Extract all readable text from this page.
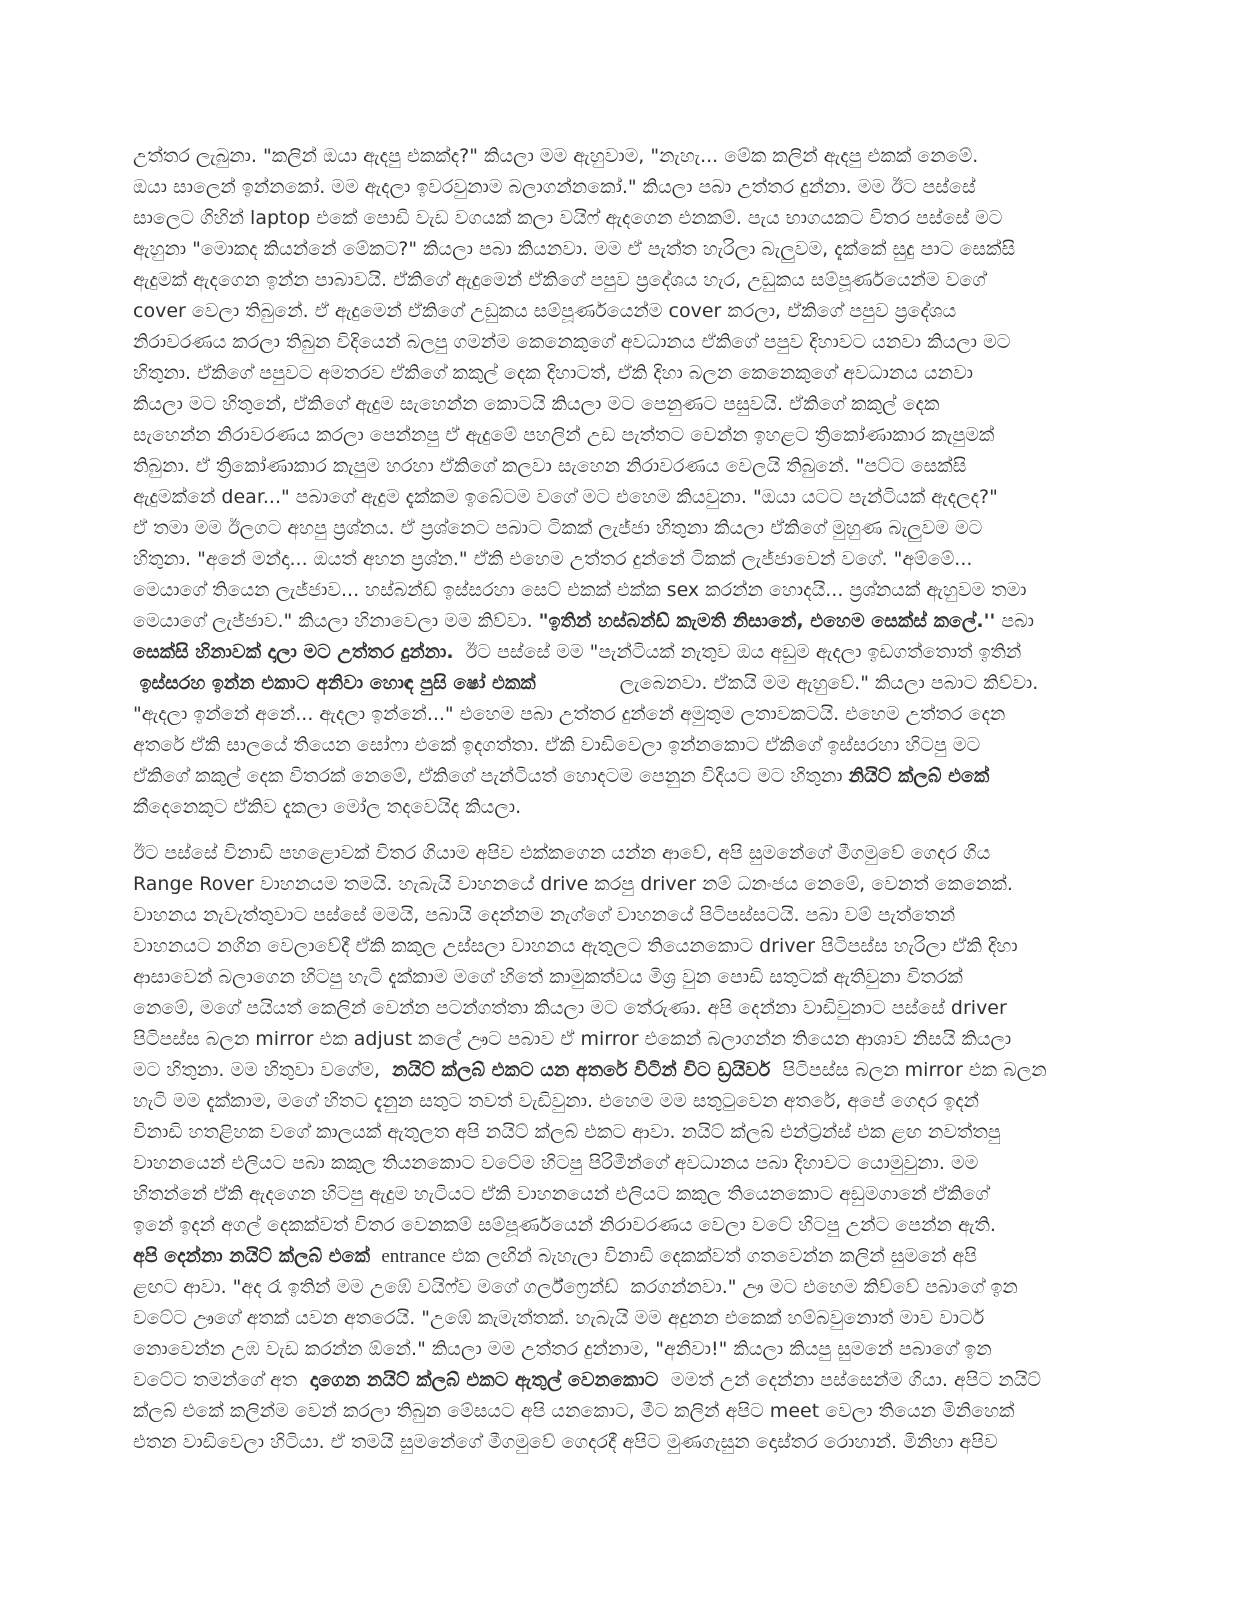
උත්තර ලැබුනා. "කලින් ඔයා ඇදපු එකක්ද?" කියලා මම ඇහුවාම, "නැහැ... මේක කලින් ඇදපු එකක් නෙමේ.
ඔයා සාලෙන් ඉන්නකෝ. මම ඇදලා ඉවරවුනාම බලාගන්නකෝ." කියලා පබා උත්තර දුන්නා. මම ඊට පස්සේ
සාලෙට ගිහින් laptop එකේ පොඩි වැඩ වගයක් කලා වයිෆ් ඇදගෙන එනකම්. පැය භාගයකට විතර පස්සේ මට
ඇහුනා "මොකද කියන්නේ මේකට?" කියලා පබා කියනවා. මම ඒ පැත්ත හැරිලා බැලුවම, දැක්කේ සුදු පාට සෙක්සි
ඇදුමක් ඇදගෙන ඉන්න පාබාවයි. ඒකිගේ ඇදුමෙන් ඒකිගේ පපුව ප්‍රදේශය හැර, උඩුකය සම්පූර්ණයෙන්ම වගේ
cover වෙලා තිබුනේ. ඒ ඇදුමෙන් ඒකිගේ උඩුකය සම්පූර්ණයෙන්ම cover කරලා, ඒකිගේ පපුව ප්‍රදේශය
නිරාවරණය කරලා තිබුන විදියෙන් බලපු ගමන්ම කෙනෙකුගේ අවධානය ඒකිගේ පපුව දිහාවට යනවා කියලා මට
හිතුනා. ඒකිගේ පපුවට අමතරව ඒකිගේ කකුල් දෙක දිහාටත්, ඒකි දිහා බලන කෙනෙකුගේ අවධානය යනවා
කියලා මට හිතුනේ, ඒකිගේ ඇදුම සැහෙන්න කොටයි කියලා මට පෙනුණට පසුවයි. ඒකිගේ කකුල් දෙක
සැහෙන්න නිරාවරණය කරලා පෙන්නපු ඒ ඇදුමේ පහලින් උඩ පැත්තට වෙන්න ඉහළට ත්‍රිකෝණාකාර කැපුමක්
තිබුනා. ඒ ත්‍රිකෝණාකාර කැපුම හරහා ඒකිගේ කලවා සැහෙන නිරාවරණය වෙලයි තිබුනේ. "පට්ට සෙක්සි
ඇදුමක්නේ dear..." පබාගේ ඇදුම දැක්කම ඉබේටම වගේ මට එහෙම කියවුනා. "ඔයා යටට පැන්ටියක් ඇදලද?"
ඒ තමා මම ඊලගට අහපු ප්‍රශ්නය. ඒ ප්‍රශ්නෙට පබාට ටිකක් ලැජ්ජා හිතුනා කියලා ඒකිගේ මුහුණ බැලුවම මට
හිතුනා. "අනේ මන්දා... ඔයත් අහන ප්‍රශ්න." ඒකි එහෙම උත්තර දුන්නේ ටිකක් ලැජ්ජාවෙන් වගේ. "අම්මේ...
මෙයාගේ තියෙන ලැජ්ජාව... හස්බන්ඩ් ඉස්සරහා සෙට් එකක් එක්ක sex කරන්න හොදයි... ප්‍රශ්නයක් ඇහුවම තමා
මෙයාගේ ලැජ්ජාව." කියලා හිනාවෙලා මම කිව්වා. "ඉතින් හස්බන්ඩ් කැමති නිසානේ, එහෙම සෙක්ස් කලේ.'' පබා
සෙක්සි හිනාවක් දාලා මට උත්තර දුන්නා.  ඊට පස්සේ මම "පැන්ටියක් නැතුව ඔය අඩුම ඇදලා ඉඩගත්තොත් ඉතින්
ඉස්සරහ ඉන්න එකාට අනිවා හොඳ පුසි ෂෝ එකක්	ලැබෙනවා. ඒකයි මම ඇහුවේ." කියලා පබාට කිව්වා.
"ඇදලා ඉන්නේ අනේ... ඇදලා ඉන්නේ..." එහෙම පබා උත්තර දුන්නේ අමුතුම ලතාවකටයි. එහෙම උත්තර දෙන
අතරේ ඒකි සාලයේ තියෙන සෝෆා එකේ ඉදගත්තා. ඒකි වාඩිවෙලා ඉන්නකොට ඒකිගේ ඉස්සරහා හිටපු මට
ඒකිගේ කකුල් දෙක විතරක් නෙමේ, ඒකිගේ පැන්ටියත් හොදටම පෙනුන විදියට මට හිතුනා නියිට් ක්ලබ් එකේ
කීදෙනෙකුට ඒකිව දැකලා මෝල තදවෙයිද කියලා.
ඊට පස්සේ විනාඩි පහළොවක් විතර ගියාම අපිව එක්කගෙන යන්න ආවේ, අපි සුමනේගේ මීගමුවේ ගෙදර ගිය
Range Rover වාහනයම තමයි. හැබැයි වාහනයේ drive කරපු driver නම් ධනංජය නෙමේ, වෙනත් කෙනෙක්.
වාහනය නැවැත්තුවාට පස්සේ මමයි, පබායි දෙන්නම නැග්ගේ වාහනයේ පිටිපස්සටයි. පබා වම් පැත්තෙන්
වාහනයට නගින වෙලාවේදී ඒකි කකුල උස්සලා වාහනය ඇතුලට තියෙනකොට driver පිටිපස්ස හැරිලා ඒකි දිහා
ආසාවෙන් බලාගෙන හිටපු හැටි දැක්කාම මගේ හිතේ කාමුකත්වය මිශ්‍ර වුන පොඩි සතුටක් ඇතිවුනා විතරක්
නෙමේ, මගේ පයියත් කෙලින් වෙන්න පටන්ගත්තා කියලා මට තේරුණා. අපි දෙන්නා වාඩිවුනාට පස්සේ driver
පිටිපස්ස බලන mirror එක adjust කලේ ඌට පබාව ඒ mirror එකෙන් බලාගන්න තියෙන ආශාව නිසයි කියලා
මට හිතුනා. මම හිතුවා වගේම,  නයිට් ක්ලබ් එකට යන අතරේ විටින් විට ඩ්‍රයිවර්  පිටිපස්ස බලන mirror එක බලන
හැටි මම දැක්කාම, මගේ හිතට දැනුන සතුට තවත් වැඩිවුනා. එහෙම මම සතුටුවෙන අතරේ, අපේ ගෙදර ඉදන්
විනාඩි හතළිහක වගේ කාලයක් ඇතුලත අපි නයිට් ක්ලබ් එකට ආවා. නයිට් ක්ලබ් එන්ට්‍රන්ස් එක ළඟ නවත්තපු
වාහනයෙන් එලියට පබා කකුල තියනකොට වටේම හිටපු පිරිමීන්ගේ අවධානය පබා දිහාවට යොමුවුනා. මම
හිතන්නේ ඒකි ඇදගෙන හිටපු ඇදුම හැටියට ඒකි වාහනයෙන් එලියට කකුල තියෙනකොට අඩුමගානේ ඒකිගේ
ඉනේ ඉදන් අගල් දෙකක්වත් විතර වෙනකම් සම්පූර්ණයෙන් නිරාවරණය වෙලා වටේ හිටපු උන්ට පෙන්න ඇති.
අපි දෙන්නා නයිට් ක්ලබ් එකේ  entrance එක ලඟින් බැහැලා විනාඩි දෙකක්වත් ගතවෙන්න කලින් සුමනේ අපි
ළඟට ආවා. "අද රෑ ඉතින් මම උඹේ වයිෆ්ව මගේ ගර්ල්ෆ්‍රෙන්ඩ්  කරගන්නවා." ඌ මට එහෙම කිව්වේ පබාගේ ඉන
වටේට ඌගේ අතක් යවන අතරෙයි. "උඹේ කැමැත්තක්. හැබැයි මම අදුනන එකෙක් හම්බවුනොත් මාව වාටර්
නොවෙන්න උඹ වැඩ කරන්න ඕනේ." කියලා මම උත්තර දුන්නාම, "අනිවා!" කියලා කියපු සුමනේ පබාගේ ඉන
වටේට තමන්ගේ අත  දාගෙන නයිට් ක්ලබ් එකට ඇතුල් වෙනකොට  මමත් උන් දෙන්නා පස්සෙන්ම ගියා. අපිට නයිට්
ක්ලබ් එකේ කලින්ම වෙන් කරලා තිබුන මේසයට අපි යනකොට, මීට කලින් අපිට meet වෙලා තියෙන මිනිහෙක්
එතන වාඩිවෙලා හිටියා. ඒ තමයි සුමනේගේ මීගමුවේ ගෙදරදී අපිට මුණගැසුන දොස්තර රොහාන්. මිනිහා අපිව
